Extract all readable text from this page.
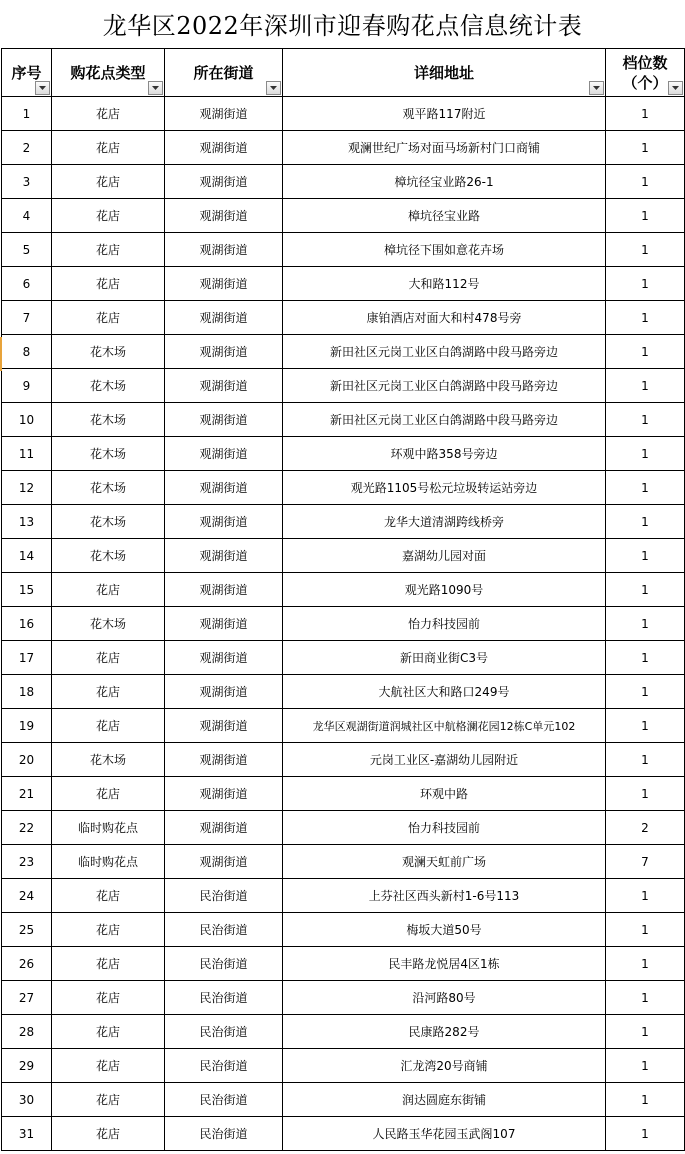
龙华区2022年深圳市迎春购花点信息统计表
序号	购花点类型	所在街道	详细地址	档位数（个）

1	花店	观湖街道	观平路117附近	1
2	花店	观湖街道	观澜世纪广场对面马场新村门口商铺	1
3	花店	观湖街道	樟坑径宝业路26-1	1
4	花店	观湖街道	樟坑径宝业路	1
5	花店	观湖街道	樟坑径下围如意花卉场	1
6	花店	观湖街道	大和路112号	1
7	花店	观湖街道	康铂酒店对面大和村478号旁	1
8	花木场	观湖街道	新田社区元岗工业区白鸽湖路中段马路旁边	1
9	花木场	观湖街道	新田社区元岗工业区白鸽湖路中段马路旁边	1
10	花木场	观湖街道	新田社区元岗工业区白鸽湖路中段马路旁边	1
11	花木场	观湖街道	环观中路358号旁边	1
12	花木场	观湖街道	观光路1105号松元垃圾转运站旁边	1
13	花木场	观湖街道	龙华大道清湖跨线桥旁	1
14	花木场	观湖街道	嘉湖幼儿园对面	1
15	花店	观湖街道	观光路1090号	1
16	花木场	观湖街道	怡力科技园前	1
17	花店	观湖街道	新田商业街C3号	1
18	花店	观湖街道	大航社区大和路口249号	1
19	花店	观湖街道	龙华区观湖街道润城社区中航格澜花园12栋C单元102	1
20	花木场	观湖街道	元岗工业区-嘉湖幼儿园附近	1
21	花店	观湖街道	环观中路	1
22	临时购花点	观湖街道	怡力科技园前	2
23	临时购花点	观湖街道	观澜天虹前广场	7
24	花店	民治街道	上芬社区西头新村1-6号113	1
25	花店	民治街道	梅坂大道50号	1
26	花店	民治街道	民丰路龙悦居4区1栋	1
27	花店	民治街道	沿河路80号	1
28	花店	民治街道	民康路282号	1
29	花店	民治街道	汇龙湾20号商铺	1
30	花店	民治街道	润达圆庭东街铺	1
31	花店	民治街道	人民路玉华花园玉武阁107	1
